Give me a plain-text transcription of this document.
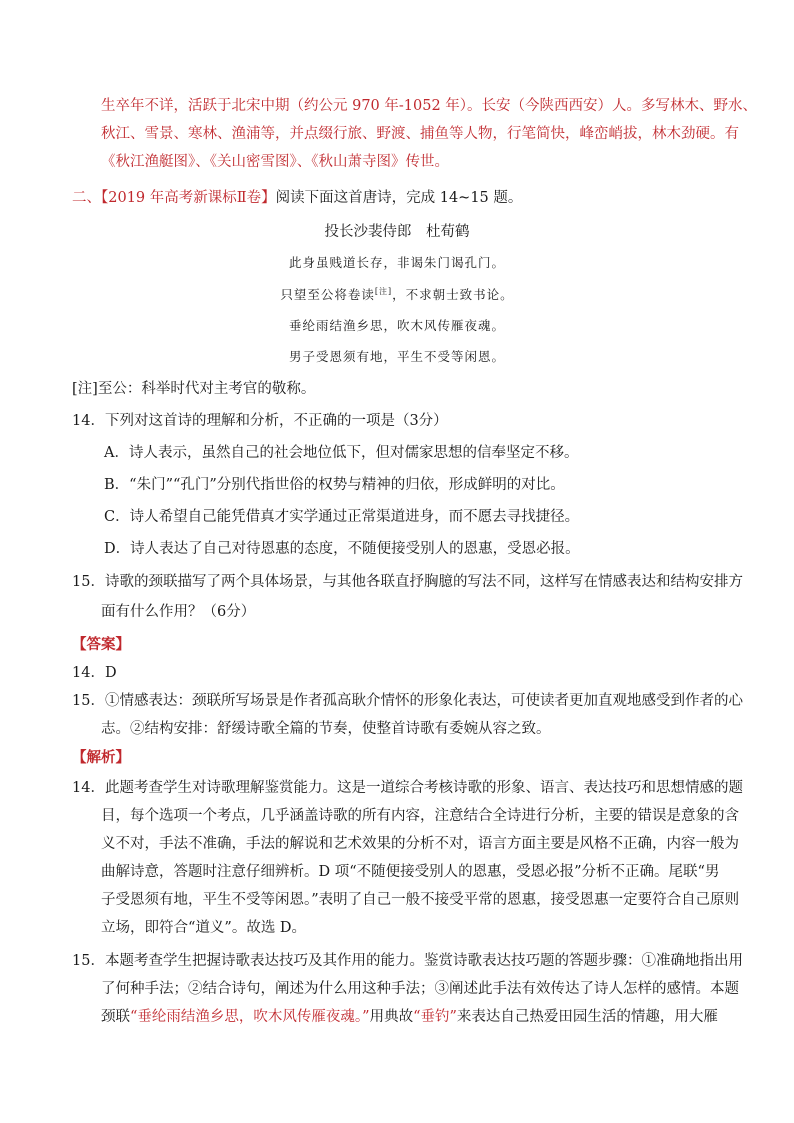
生卒年不详，活跃于北宋中期（约公元 970 年-1052 年）。长安（今陕西西安）人。多写林木、野水、
秋江、雪景、寒林、渔浦等，并点缀行旅、野渡、捕鱼等人物，行笔简快，峰峦峭拔，林木劲硬。有
《秋江渔艇图》、《关山密雪图》、《秋山萧寺图》传世。
二、【2019 年高考新课标Ⅱ卷】阅读下面这首唐诗，完成 14~15 题。
投长沙裴侍郎　杜荀鹤
此身虽贱道长存，非谒朱门谒孔门。
只望至公将卷读[注]，不求朝士致书论。
垂纶雨结渔乡思，吹木风传雁夜魂。
男子受恩须有地，平生不受等闲恩。
[注]至公：科举时代对主考官的敬称。
14．下列对这首诗的理解和分析，不正确的一项是（3分）
A．诗人表示，虽然自己的社会地位低下，但对儒家思想的信奉坚定不移。
B．“朱门”“孔门”分别代指世俗的权势与精神的归依，形成鲜明的对比。
C．诗人希望自己能凭借真才实学通过正常渠道进身，而不愿去寻找捷径。
D．诗人表达了自己对待恩惠的态度，不随便接受别人的恩惠，受恩必报。
15．诗歌的颈联描写了两个具体场景，与其他各联直抒胸臆的写法不同，这样写在情感表达和结构安排方
面有什么作用？（6分）
【答案】
14．D
15．①情感表达：颈联所写场景是作者孤高耿介情怀的形象化表达，可使读者更加直观地感受到作者的心
志。②结构安排：舒缓诗歌全篇的节奏，使整首诗歌有委婉从容之致。
【解析】
14．此题考查学生对诗歌理解鉴赏能力。这是一道综合考核诗歌的形象、语言、表达技巧和思想情感的题
目，每个选项一个考点，几乎涵盖诗歌的所有内容，注意结合全诗进行分析，主要的错误是意象的含
义不对，手法不准确，手法的解说和艺术效果的分析不对，语言方面主要是风格不正确，内容一般为
曲解诗意，答题时注意仔细辨析。D 项“不随便接受别人的恩惠，受恩必报”分析不正确。尾联“男
子受恩须有地，平生不受等闲恩。”表明了自己一般不接受平常的恩惠，接受恩惠一定要符合自己原则
立场，即符合“道义”。故选 D。
15．本题考查学生把握诗歌表达技巧及其作用的能力。鉴赏诗歌表达技巧题的答题步骤：①准确地指出用
了何种手法；②结合诗句，阐述为什么用这种手法；③阐述此手法有效传达了诗人怎样的感情。本题
颈联“垂纶雨结渔乡思，吹木风传雁夜魂。”用典故“垂钓”来表达自己热爱田园生活的情趣，用大雁
